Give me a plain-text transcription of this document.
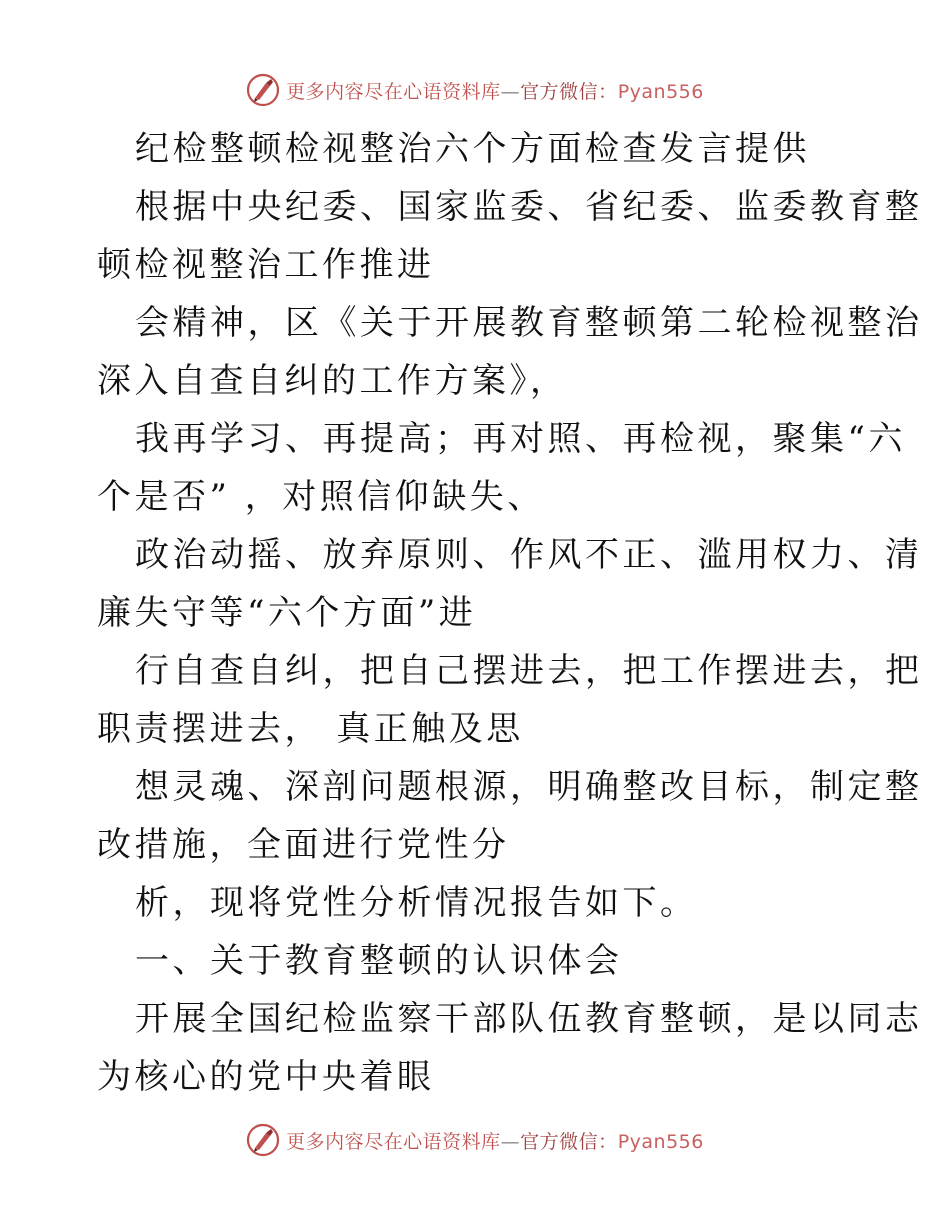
更多内容尽在心语资料库—官方微信：Pyan556
纪检整顿检视整治六个方面检查发言提供
根据中央纪委、国家监委、省纪委、监委教育整
顿检视整治工作推进
会精神，区《关于开展教育整顿第二轮检视整治
深入自查自纠的工作方案》，
我再学习、再提高；再对照、再检视，聚集“六
个是否” ，对照信仰缺失、
政治动摇、放弃原则、作风不正、滥用权力、清
廉失守等“六个方面”进
行自查自纠，把自己摆进去，把工作摆进去，把
职责摆进去， 真正触及思
想灵魂、深剖问题根源，明确整改目标，制定整
改措施，全面进行党性分
析，现将党性分析情况报告如下。
一、关于教育整顿的认识体会
开展全国纪检监察干部队伍教育整顿，是以同志
为核心的党中央着眼
更多内容尽在心语资料库—官方微信：Pyan556
